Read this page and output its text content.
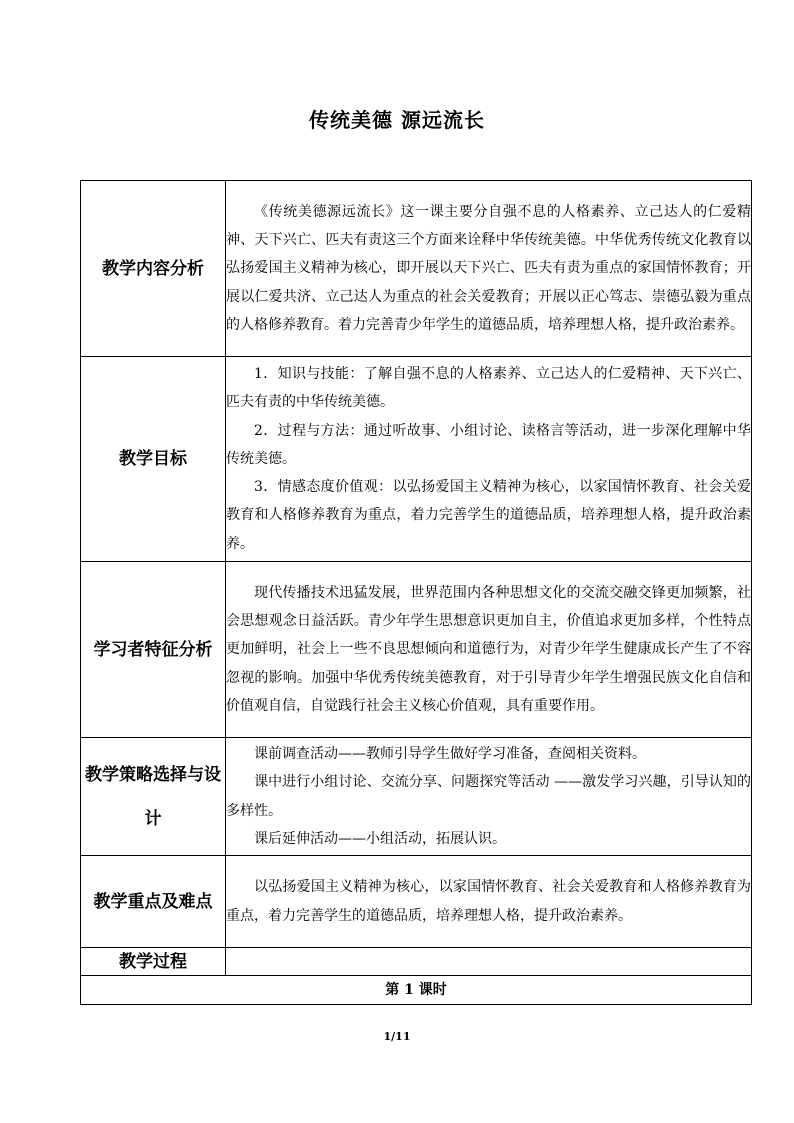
传统美德 源远流长
教学内容分析	《传统美德源远流长》这一课主要分自强不息的人格素养、立己达人的仁爱精神、天下兴亡、匹夫有责这三个方面来诠释中华传统美德。中华优秀传统文化教育以弘扬爱国主义精神为核心，即开展以天下兴亡、匹夫有责为重点的家国情怀教育；开展以仁爱共济、立己达人为重点的社会关爱教育；开展以正心笃志、崇德弘毅为重点的人格修养教育。着力完善青少年学生的道德品质，培养理想人格，提升政治素养。

教学目标	1．知识与技能：了解自强不息的人格素养、立己达人的仁爱精神、天下兴亡、匹夫有责的中华传统美德。

2．过程与方法：通过听故事、小组讨论、读格言等活动，进一步深化理解中华传统美德。

3．情感态度价值观：以弘扬爱国主义精神为核心，以家国情怀教育、社会关爱教育和人格修养教育为重点，着力完善学生的道德品质，培养理想人格，提升政治素养。

学习者特征分析	现代传播技术迅猛发展，世界范围内各种思想文化的交流交融交锋更加频繁，社会思想观念日益活跃。青少年学生思想意识更加自主，价值追求更加多样，个性特点更加鲜明，社会上一些不良思想倾向和道德行为，对青少年学生健康成长产生了不容忽视的影响。加强中华优秀传统美德教育，对于引导青少年学生增强民族文化自信和价值观自信，自觉践行社会主义核心价值观，具有重要作用。

教学策略选择与设计	课前调查活动——教师引导学生做好学习准备，查阅相关资料。

课中进行小组讨论、交流分享、问题探究等活动 ——激发学习兴趣，引导认知的多样性。

课后延伸活动——小组活动，拓展认识。

教学重点及难点	以弘扬爱国主义精神为核心，以家国情怀教育、社会关爱教育和人格修养教育为重点，着力完善学生的道德品质，培养理想人格，提升政治素养。

教学过程	
第 1 课时	
1/11
